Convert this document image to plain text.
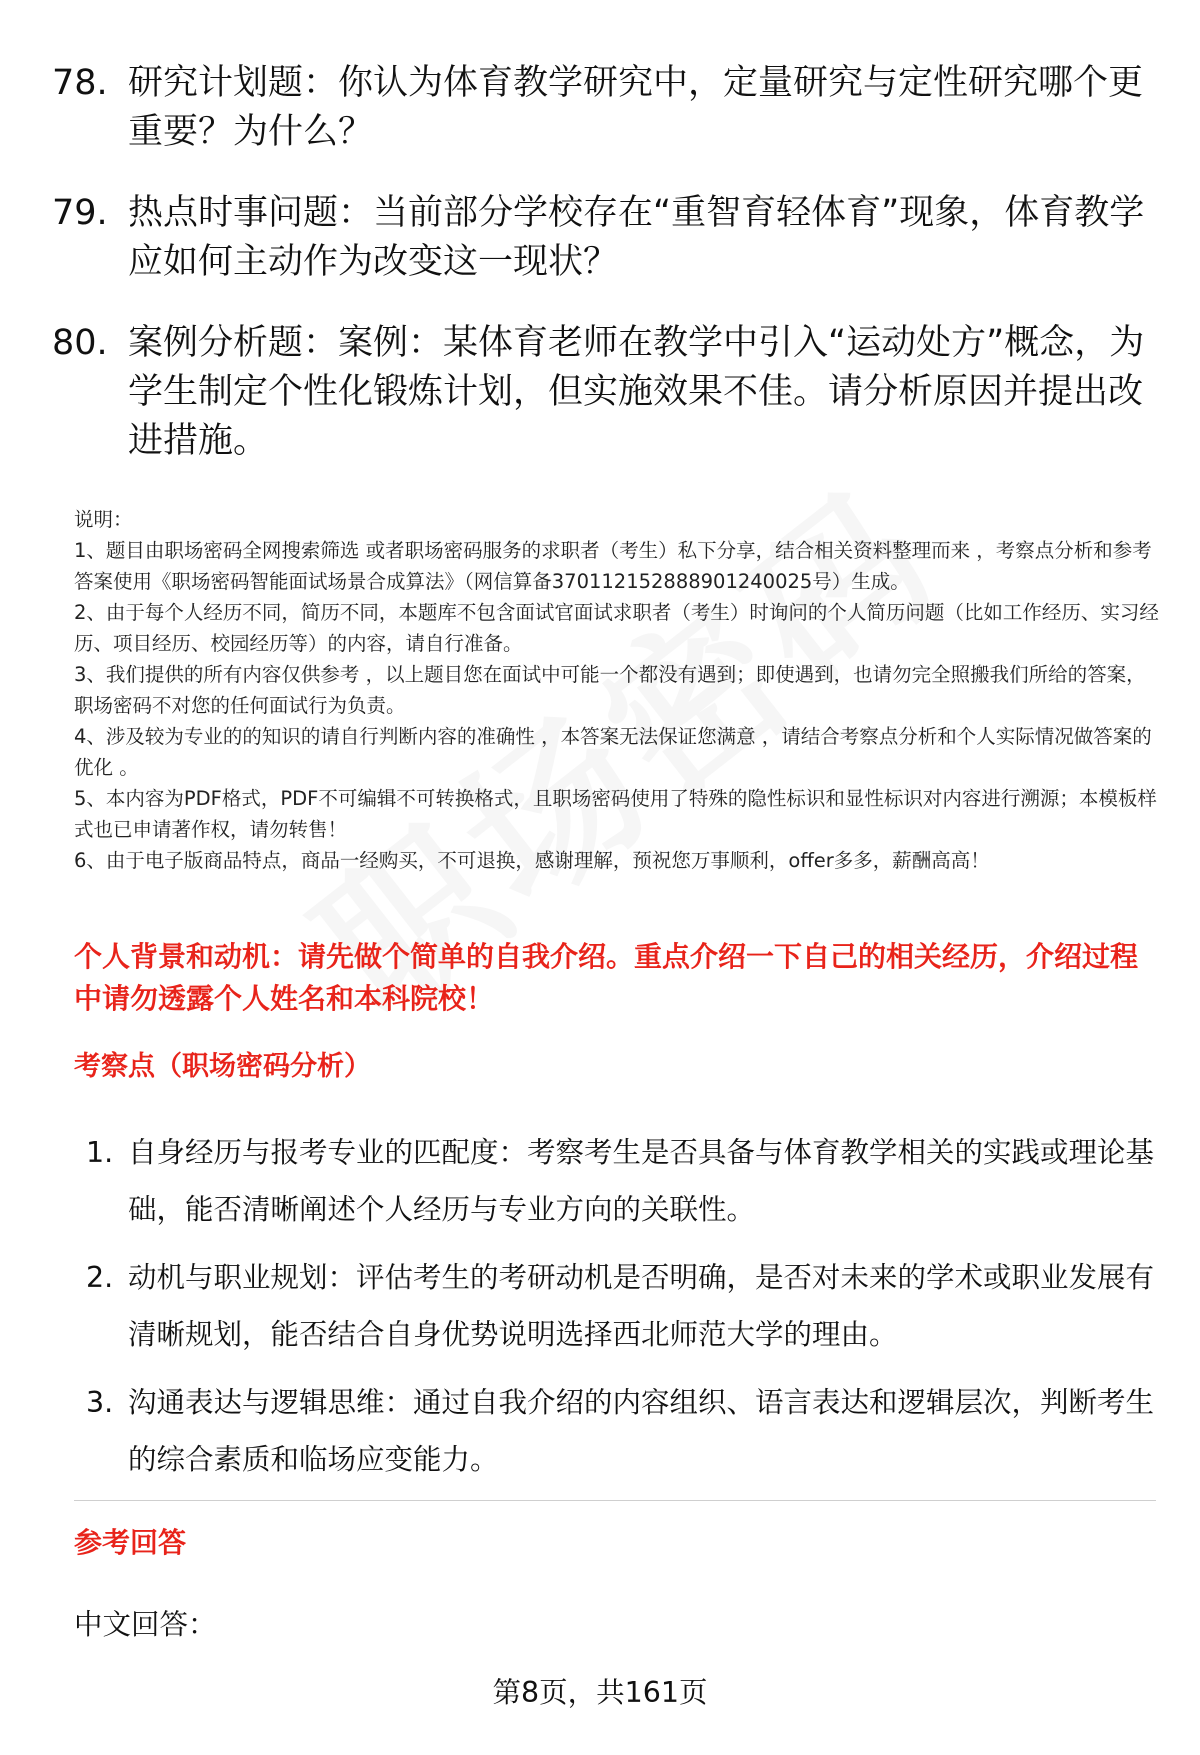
78. 研究计划题：你认为体育教学研究中，定量研究与定性研究哪个更重要？为什么？
79. 热点时事问题：当前部分学校存在“重智育轻体育”现象，体育教学应如何主动作为改变这一现状？
80. 案例分析题：案例：某体育老师在教学中引入“运动处方”概念，为学生制定个性化锻炼计划，但实施效果不佳。请分析原因并提出改进措施。

说明：

1、题目由职场密码全网搜索筛选 或者职场密码服务的求职者（考生）私下分享，结合相关资料整理而来 ，考察点分析和参考答案使用《职场密码智能面试场景合成算法》（网信算备370112152888901240025号）生成。

2、由于每个人经历不同，简历不同，本题库不包含面试官面试求职者（考生）时询问的个人简历问题（比如工作经历、实习经历、项目经历、校园经历等）的内容，请自行准备。

3、我们提供的所有内容仅供参考 ，以上题目您在面试中可能一个都没有遇到；即使遇到，也请勿完全照搬我们所给的答案，职场密码不对您的任何面试行为负责。

4、涉及较为专业的的知识的请自行判断内容的准确性 ，本答案无法保证您满意 ，请结合考察点分析和个人实际情况做答案的优化 。

5、本内容为PDF格式，PDF不可编辑不可转换格式，且职场密码使用了特殊的隐性标识和显性标识对内容进行溯源；本模板样式也已申请著作权，请勿转售！

6、由于电子版商品特点，商品一经购买，不可退换，感谢理解，预祝您万事顺利，offer多多，薪酬高高！

个人背景和动机：请先做个简单的自我介绍。重点介绍一下自己的相关经历，介绍过程中请勿透露个人姓名和本科院校！
考察点（职场密码分析）
1. 自身经历与报考专业的匹配度：考察考生是否具备与体育教学相关的实践或理论基础，能否清晰阐述个人经历与专业方向的关联性。
2. 动机与职业规划：评估考生的考研动机是否明确，是否对未来的学术或职业发展有清晰规划，能否结合自身优势说明选择西北师范大学的理由。
3. 沟通表达与逻辑思维：通过自我介绍的内容组织、语言表达和逻辑层次，判断考生的综合素质和临场应变能力。
参考回答
中文回答：
第8页，共161页
